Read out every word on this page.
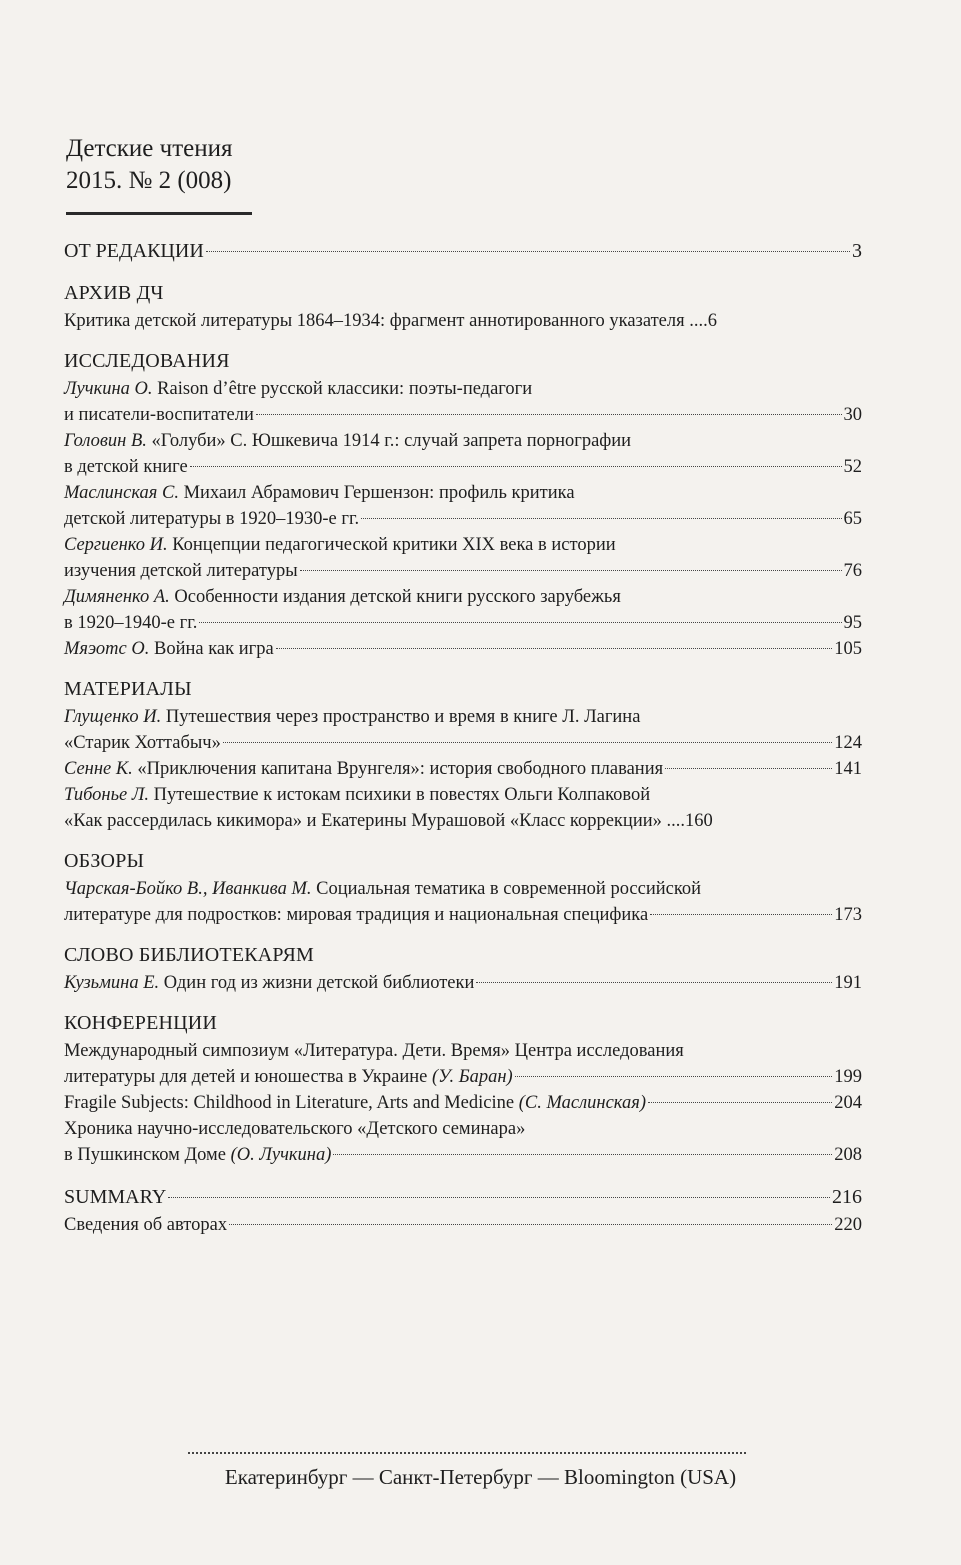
Детские чтения
2015. № 2 (008)
ОТ РЕДАКЦИИ	3
АРХИВ ДЧ
Критика детской литературы 1864–1934: фрагмент аннотированного указателя .... 6
ИССЛЕДОВАНИЯ
Лучкина О. Raison d’être русской классики: поэты-педагоги
и писатели-воспитатели	30
Головин В. «Голуби» С. Юшкевича 1914 г.: случай запрета порнографии
в детской книге	52
Маслинская С. Михаил Абрамович Гершензон: профиль критика
детской литературы в 1920–1930-е гг.	65
Сергиенко И. Концепции педагогической критики XIX века в истории
изучения детской литературы	76
Димяненко А. Особенности издания детской книги русского зарубежья
в 1920–1940-е гг.	95
Мяэотс О. Война как игра	105
МАТЕРИАЛЫ
Глущенко И. Путешествия через пространство и время в книге Л. Лагина
«Старик Хоттабыч»	124
Сенне К. «Приключения капитана Врунгеля»: история свободного плавания	141
Тибонье Л. Путешествие к истокам психики в повестях Ольги Колпаковой
«Как рассердилась кикимора» и Екатерины Мурашовой «Класс коррекции» .... 160
ОБЗОРЫ
Чарская-Бойко В., Иванкива М. Социальная тематика в современной российской
литературе для подростков: мировая традиция и национальная специфика	173
СЛОВО БИБЛИОТЕКАРЯМ
Кузьмина Е. Один год из жизни детской библиотеки	191
КОНФЕРЕНЦИИ
Международный симпозиум «Литература. Дети. Время» Центра исследования
литературы для детей и юношества в Украине (У. Баран)	199
Fragile Subjects: Childhood in Literature, Arts and Medicine (С. Маслинская)	204
Хроника научно-исследовательского «Детского семинара»
в Пушкинском Доме (О. Лучкина)	208
SUMMARY	216
Сведения об авторах	220
Екатеринбург — Санкт-Петербург — Bloomington (USA)
